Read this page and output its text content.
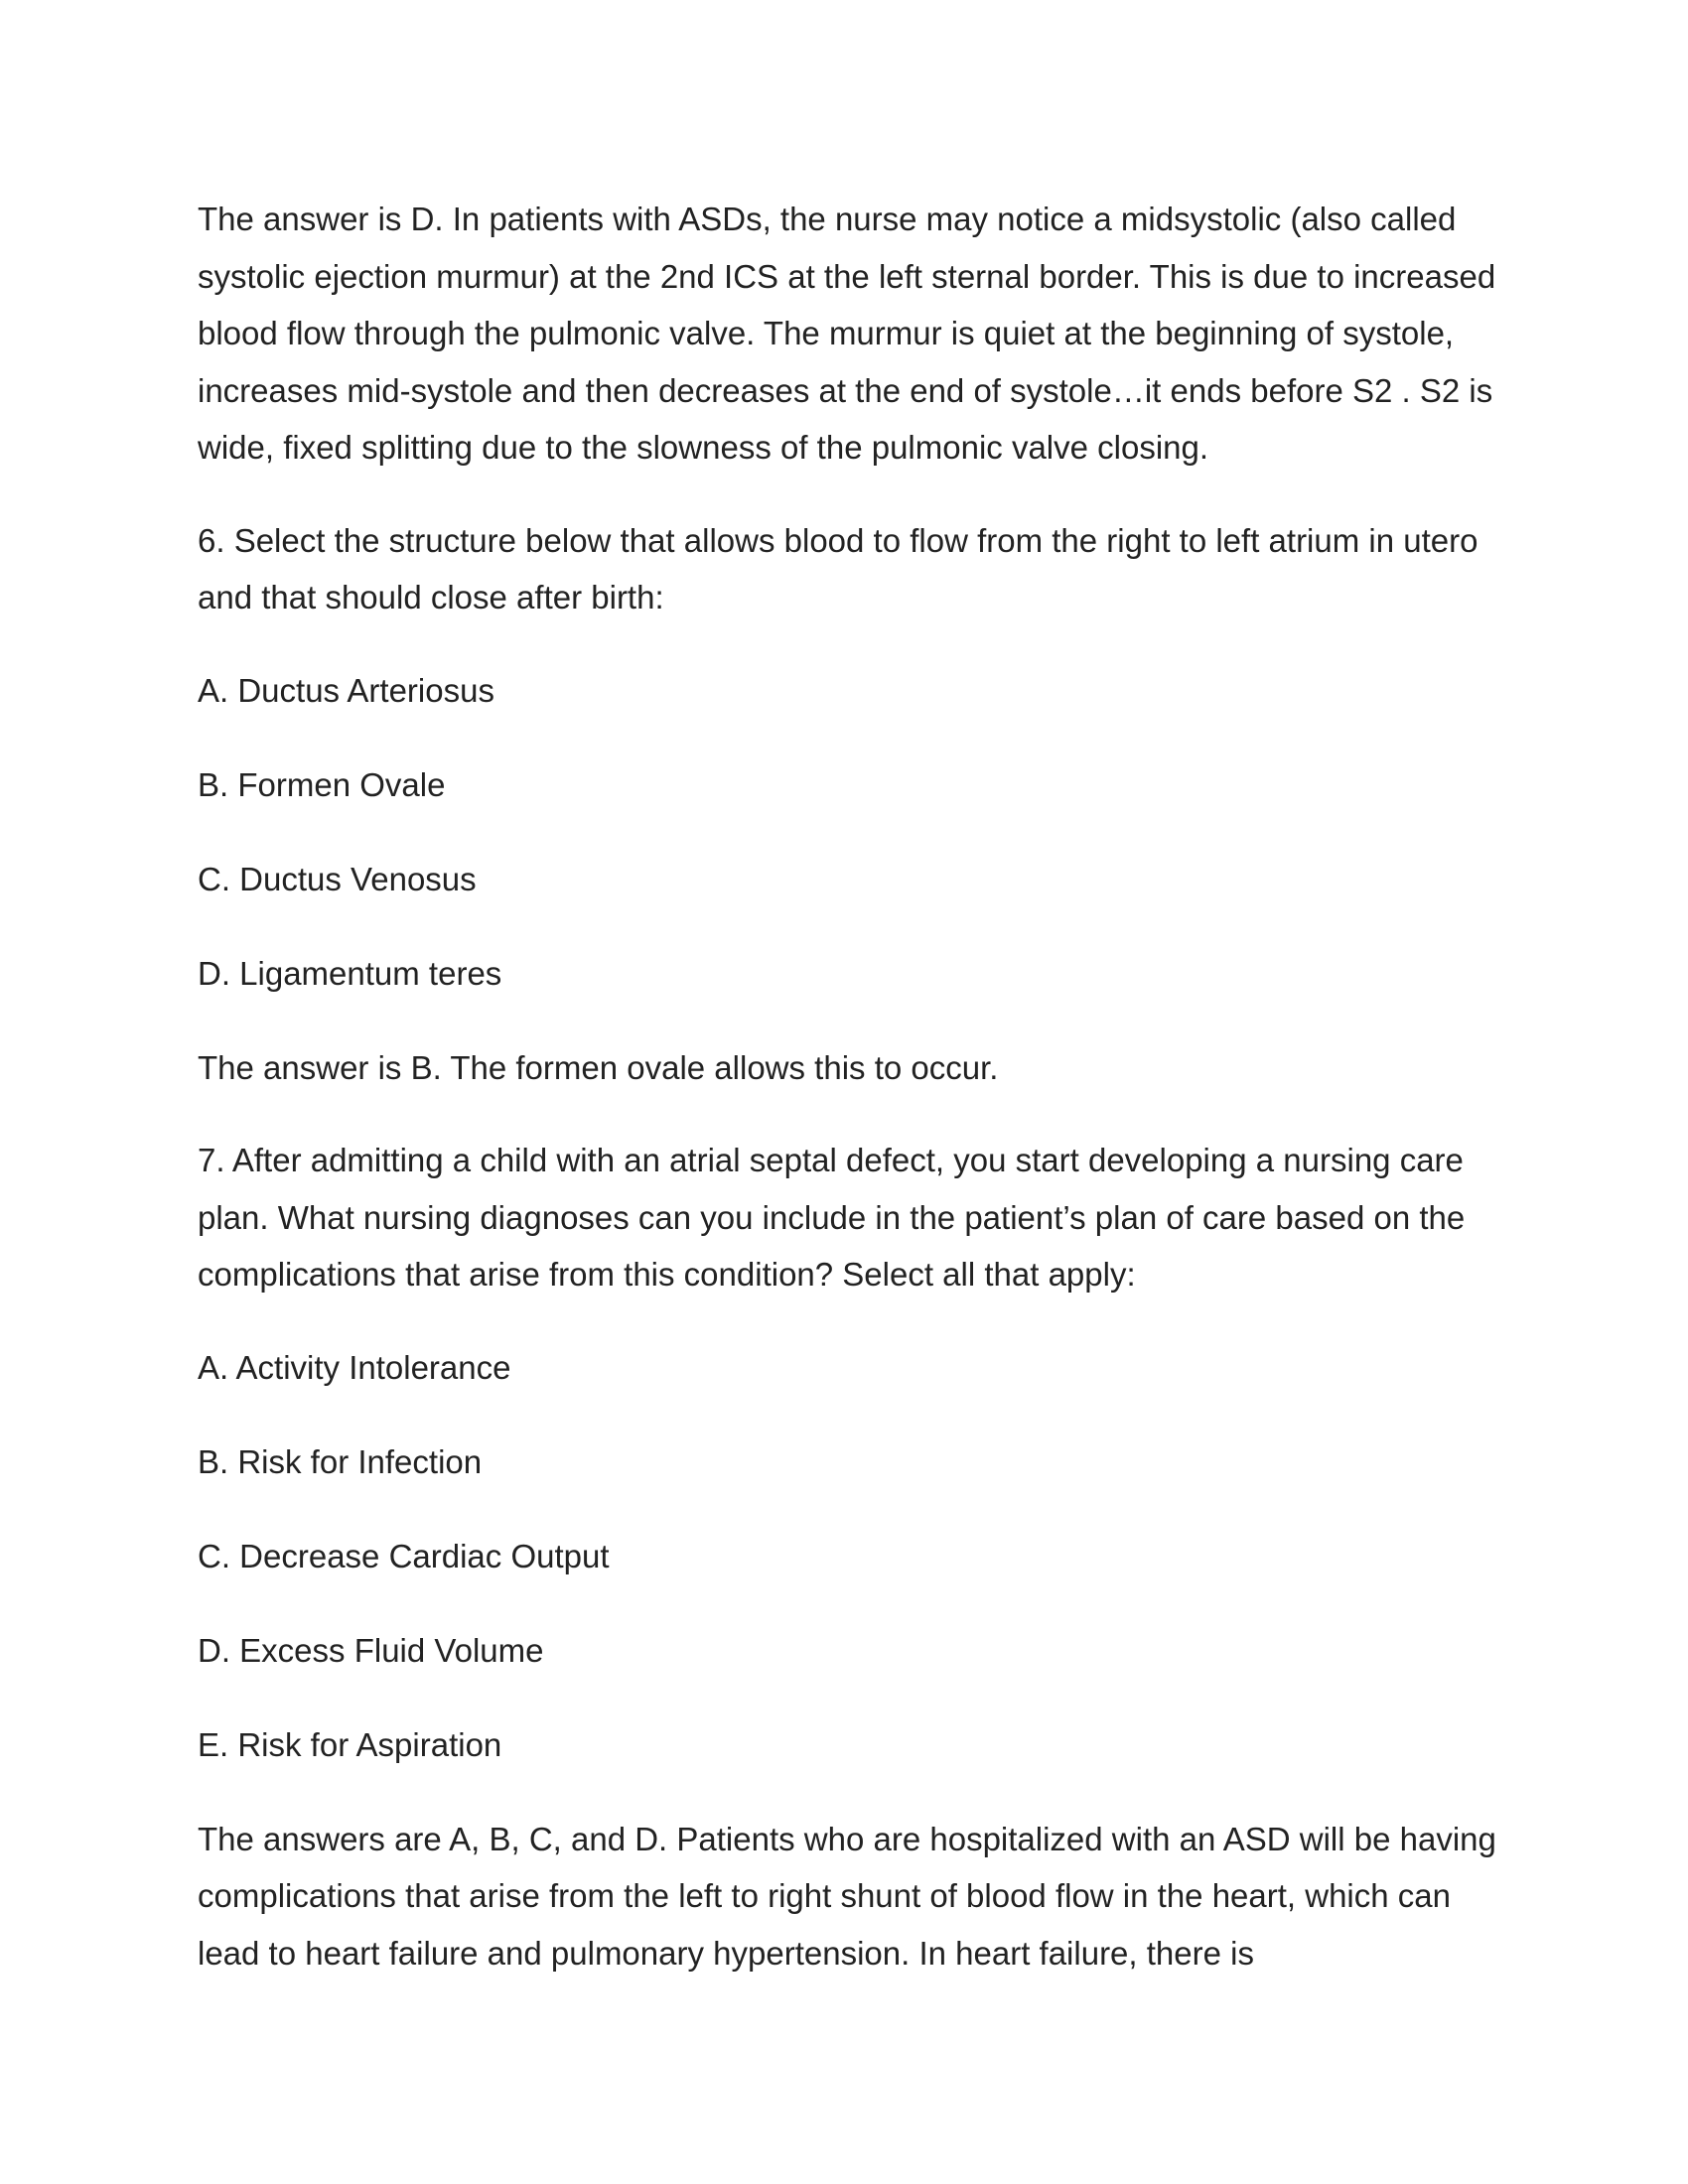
The answer is D. In patients with ASDs, the nurse may notice a midsystolic (also called systolic ejection murmur) at the 2nd ICS at the left sternal border. This is due to increased blood flow through the pulmonic valve. The murmur is quiet at the beginning of systole, increases mid-systole and then decreases at the end of systole…it ends before S2 . S2 is wide, fixed splitting due to the slowness of the pulmonic valve closing.

6. Select the structure below that allows blood to flow from the right to left atrium in utero and that should close after birth:

A. Ductus Arteriosus
B. Formen Ovale
C. Ductus Venosus
D. Ligamentum teres

The answer is B. The formen ovale allows this to occur.

7. After admitting a child with an atrial septal defect, you start developing a nursing care plan. What nursing diagnoses can you include in the patient’s plan of care based on the complications that arise from this condition? Select all that apply:

A. Activity Intolerance
B. Risk for Infection
C. Decrease Cardiac Output
D. Excess Fluid Volume
E. Risk for Aspiration

The answers are A, B, C, and D. Patients who are hospitalized with an ASD will be having complications that arise from the left to right shunt of blood flow in the heart, which can lead to heart failure and pulmonary hypertension. In heart failure, there is
